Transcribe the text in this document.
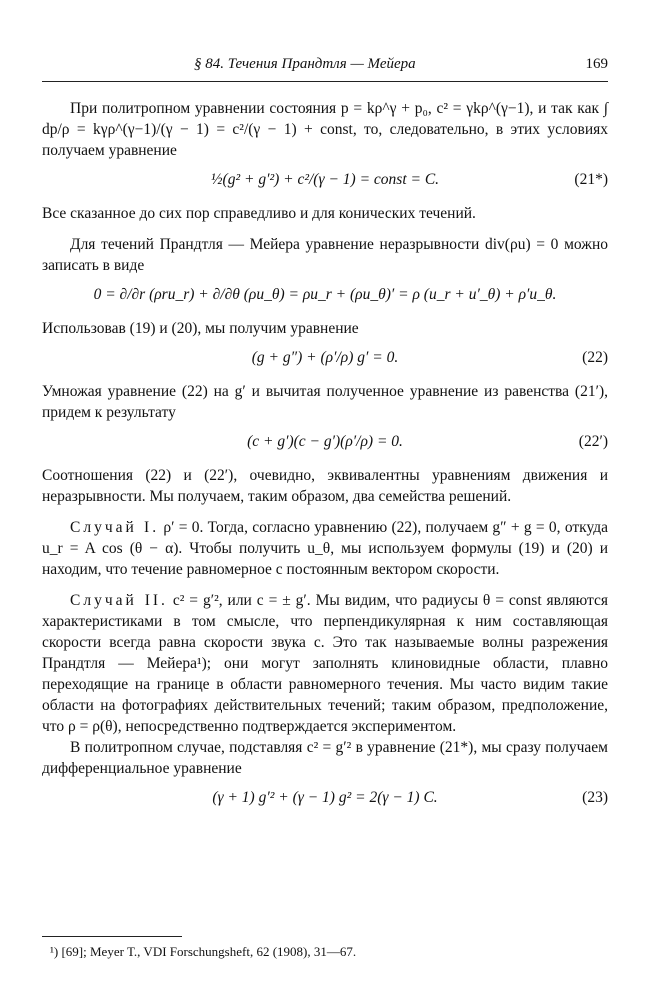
§ 84. Течения Прандтля — Мейера	169

При политропном уравнении состояния p = kρ^γ + p₀, c² = γkρ^(γ−1), и так как ∫ dp/ρ = kγρ^(γ−1)/(γ − 1) = c²/(γ − 1) + const, то, следовательно, в этих условиях получаем уравнение

½(g² + g′²) + c²/(γ − 1) = const = C.	(21*)

Все сказанное до сих пор справедливо и для конических течений.

Для течений Прандтля — Мейера уравнение неразрывности div(ρu) = 0 можно записать в виде

0 = ∂/∂r (ρru_r) + ∂/∂θ (ρu_θ) = ρu_r + (ρu_θ)′ = ρ (u_r + u′_θ) + ρ′u_θ.

Использовав (19) и (20), мы получим уравнение

(g + g″) + (ρ′/ρ) g′ = 0.	(22)

Умножая уравнение (22) на g′ и вычитая полученное уравнение из равенства (21′), придем к результату

(c + g′)(c − g′)(ρ′/ρ) = 0.	(22′)

Соотношения (22) и (22′), очевидно, эквивалентны уравнениям движения и неразрывности. Мы получаем, таким образом, два семейства решений.

Случай I. ρ′ = 0. Тогда, согласно уравнению (22), получаем g″ + g = 0, откуда u_r = A cos (θ − α). Чтобы получить u_θ, мы используем формулы (19) и (20) и находим, что течение равномерное с постоянным вектором скорости.

Случай II. c² = g′², или c = ± g′. Мы видим, что радиусы θ = const являются характеристиками в том смысле, что перпендикулярная к ним составляющая скорости всегда равна скорости звука c. Это так называемые волны разрежения Прандтля — Мейера¹); они могут заполнять клиновидные области, плавно переходящие на границе в области равномерного течения. Мы часто видим такие области на фотографиях действительных течений; таким образом, предположение, что ρ = ρ(θ), непосредственно подтверждается экспериментом.

В политропном случае, подставляя c² = g′² в уравнение (21*), мы сразу получаем дифференциальное уравнение

(γ + 1) g′² + (γ − 1) g² = 2(γ − 1) C.	(23)
¹) [69]; Meyer T., VDI Forschungsheft, 62 (1908), 31—67.
